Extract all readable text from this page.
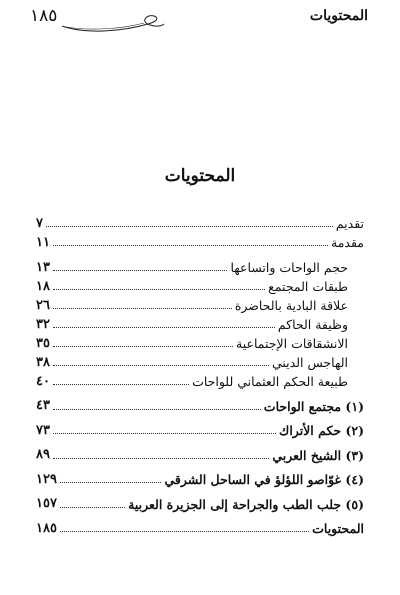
المحتويات
١٨٥
المحتويات
تقديم
٧
مقدمة
١١
حجم الواحات واتساعها
١٣
طبقات المجتمع
١٨
علاقة البادية بالحاضرة
٢٦
وظيفة الحاكم
٣٢
الانشقاقات الإجتماعية
٣٥
الهاجس الديني
٣٨
طبيعة الحكم العثماني للواحات
٤٠
(١) مجتمع الواحات
٤٣
(٢) حكم الأتراك
٧٣
(٣) الشيخ العربي
٨٩
(٤) غوّاصو اللؤلؤ في الساحل الشرقي
١٢٩
(٥) جلب الطب والجراحة إلى الجزيرة العربية
١٥٧
المحتويات
١٨٥
